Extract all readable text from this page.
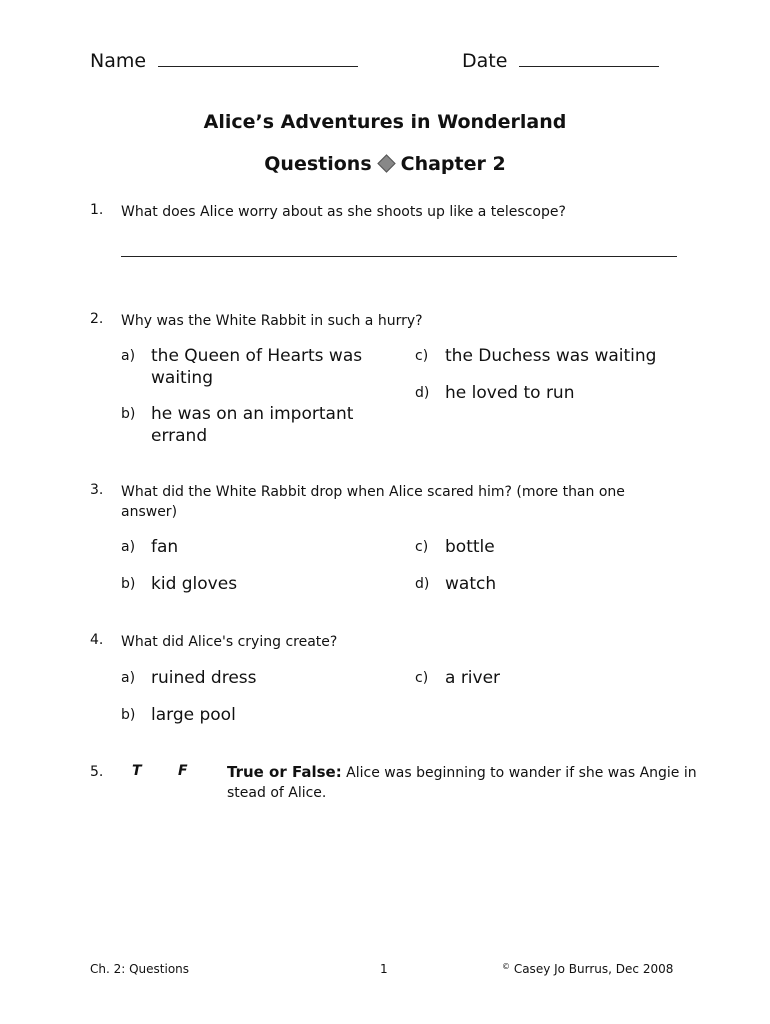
Name	Date
Alice’s Adventures in Wonderland
Questions Chapter 2
1. What does Alice worry about as she shoots up like a telescope?
2. Why was the White Rabbit in such a hurry?
a) the Queen of Hearts was waiting
b) he was on an important errand
c) the Duchess was waiting
d) he loved to run
3. What did the White Rabbit drop when Alice scared him? (more than one answer)
a) fan
b) kid gloves
c) bottle
d) watch
4. What did Alice's crying create?
a) ruined dress
b) large pool
c) a river
5. T	F	True or False: Alice was beginning to wander if she was Angie in stead of Alice.
Ch. 2: Questions	1	© Casey Jo Burrus, Dec 2008
